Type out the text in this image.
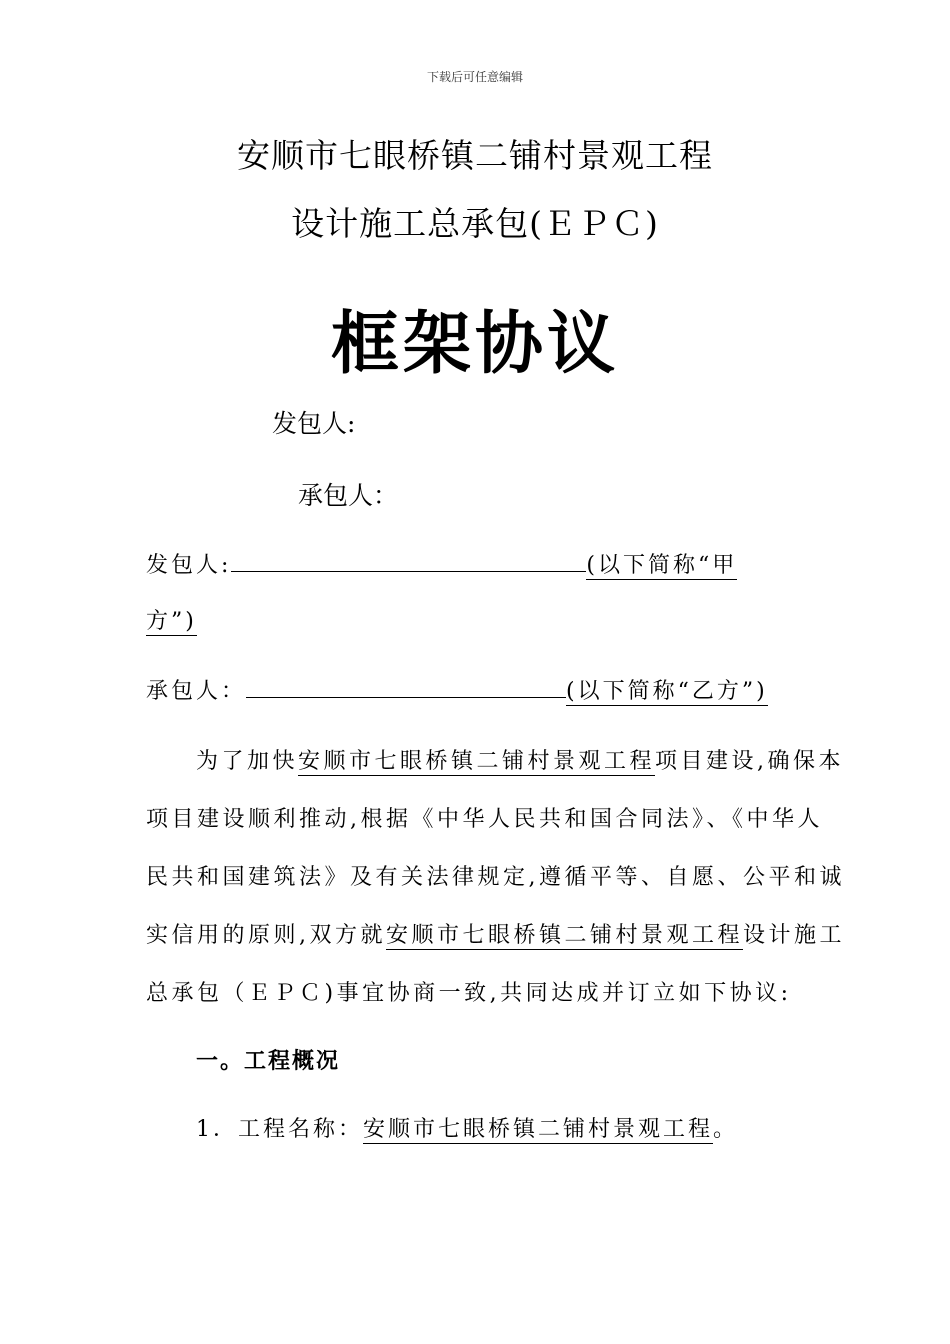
下载后可任意编辑
安顺市七眼桥镇二铺村景观工程
设计施工总承包(ＥＰＣ)
框架协议
发包人:
承包人：
发包人:	(以下简称“甲
方”)
承包人：	(以下简称“乙方”)
为了加快安顺市七眼桥镇二铺村景观工程项目建设,确保本
项目建设顺利推动,根据《中华人民共和国合同法》、《中华人
民共和国建筑法》及有关法律规定,遵循平等、自愿、公平和诚
实信用的原则,双方就安顺市七眼桥镇二铺村景观工程设计施工
总承包（ＥＰＣ)事宜协商一致,共同达成并订立如下协议:
一。工程概况
1．工程名称：安顺市七眼桥镇二铺村景观工程。
